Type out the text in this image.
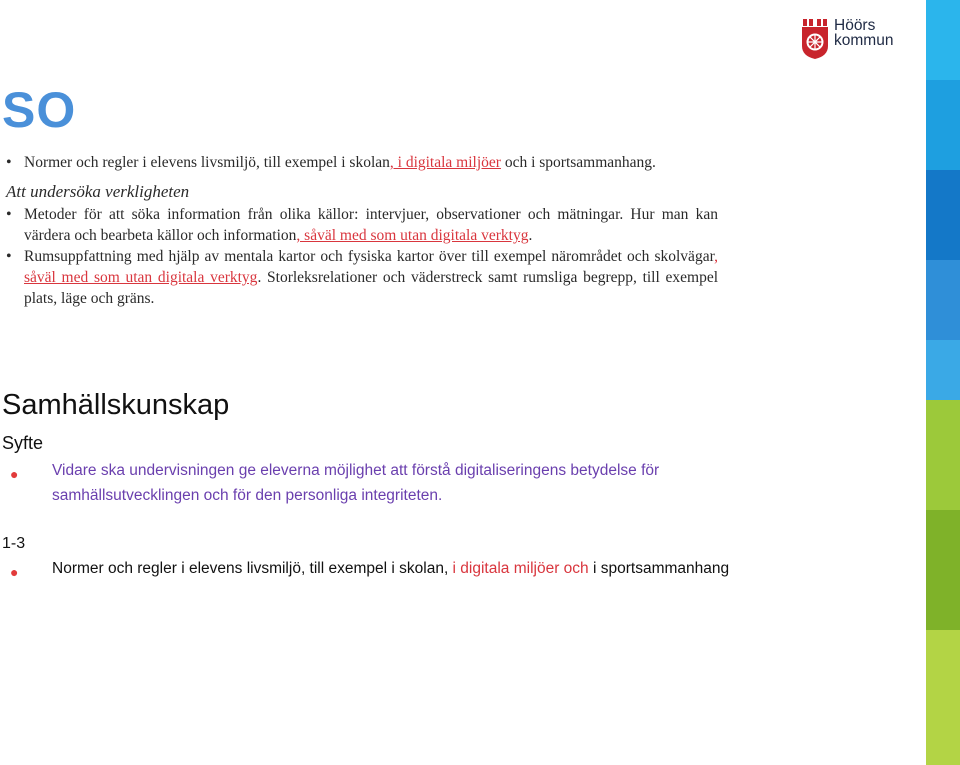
Höörs
kommun
SO
• Normer och regler i elevens livsmiljö, till exempel i skolan, i digitala miljöer och i sportsammanhang.
Att undersöka verkligheten
• Metoder för att söka information från olika källor: intervjuer, observationer och mätningar. Hur man kan värdera och bearbeta källor och information, såväl med som utan digitala verktyg.
• Rumsuppfattning med hjälp av mentala kartor och fysiska kartor över till exempel närområdet och skolvägar, såväl med som utan digitala verktyg. Storleksrelationer och väderstreck samt rumsliga begrepp, till exempel plats, läge och gräns.
Samhällskunskap
Syfte
● Vidare ska undervisningen ge eleverna möjlighet att förstå digitaliseringens betydelse för samhällsutvecklingen och för den personliga integriteten.
1-3
● Normer och regler i elevens livsmiljö, till exempel i skolan, i digitala miljöer och i sportsammanhang
